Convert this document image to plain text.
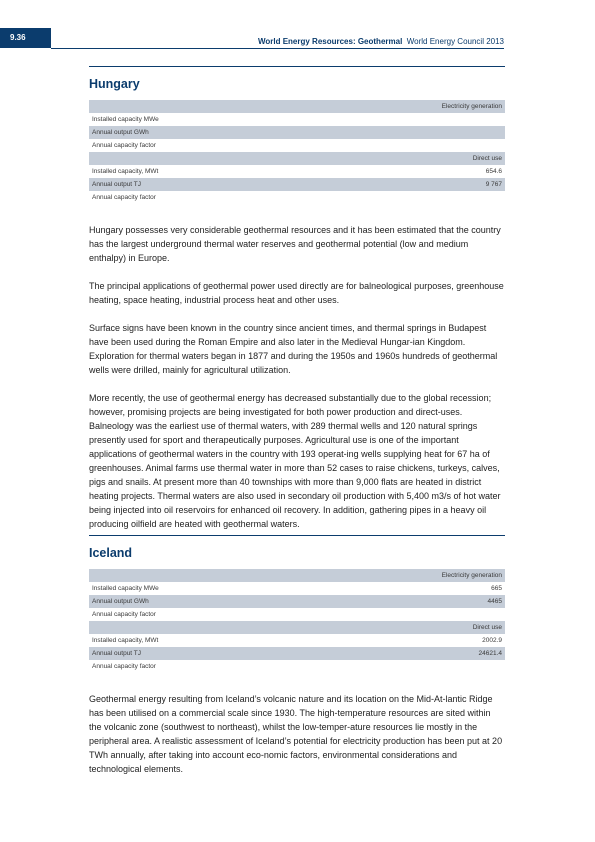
9.36	World Energy Resources: Geothermal World Energy Council 2013
Hungary
	Electricity generation
Installed capacity MWe	
Annual output GWh	
Annual capacity factor	
	Direct use
Installed capacity, MWt	654.6
Annual output TJ	9 767
Annual capacity factor	

Hungary possesses very considerable geothermal resources and it has been estimated that the country has the largest underground thermal water reserves and geothermal potential (low and medium enthalpy) in Europe.

The principal applications of geothermal power used directly are for balneological purposes, greenhouse heating, space heating, industrial process heat and other uses.

Surface signs have been known in the country since ancient times, and thermal springs in Budapest have been used during the Roman Empire and also later in the Medieval Hungar-ian Kingdom. Exploration for thermal waters began in 1877 and during the 1950s and 1960s hundreds of geothermal wells were drilled, mainly for agricultural utilization.

More recently, the use of geothermal energy has decreased substantially due to the global recession; however, promising projects are being investigated for both power production and direct-uses. Balneology was the earliest use of thermal waters, with 289 thermal wells and 120 natural springs presently used for sport and therapeutically purposes. Agricultural use is one of the important applications of geothermal waters in the country with 193 operat-ing wells supplying heat for 67 ha of greenhouses. Animal farms use thermal water in more than 52 cases to raise chickens, turkeys, calves, pigs and snails. At present more than 40 townships with more than 9,000 flats are heated in district heating projects. Thermal waters are also used in secondary oil production with 5,400 m3/s of hot water being injected into oil reservoirs for enhanced oil recovery. In addition, gathering pipes in a heavy oil producing oilfield are heated with geothermal waters.

Iceland
	Electricity generation
Installed capacity MWe	665
Annual output GWh	4465
Annual capacity factor	
	Direct use
Installed capacity, MWt	2002.9
Annual output TJ	24621.4
Annual capacity factor	

Geothermal energy resulting from Iceland’s volcanic nature and its location on the Mid-At-lantic Ridge has been utilised on a commercial scale since 1930. The high-temperature resources are sited within the volcanic zone (southwest to northeast), whilst the low-temper-ature resources lie mostly in the peripheral area. A realistic assessment of Iceland’s potential for electricity production has been put at 20 TWh annually, after taking into account eco-nomic factors, environmental considerations and technological elements.
